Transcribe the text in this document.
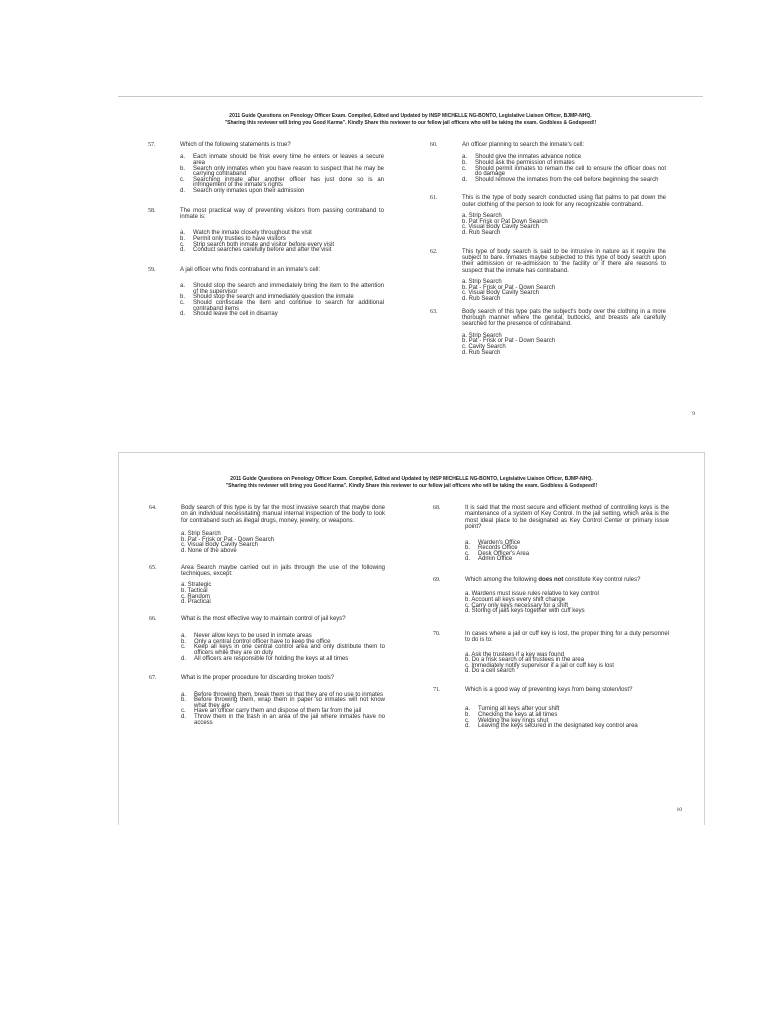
2011 Guide Questions on Penology Officer Exam. Compiled, Edited and Updated by INSP MICHELLE NG-BONTO, Legislative Liaison Officer, BJMP-NHQ.
"Sharing this reviewer will bring you Good Karma". Kindly Share this reviewer to our fellow jail officers who will be taking the exam. Godbless & Godspeed!!
57.	Which of the following statements is true?
a. Each inmate should be frisk every time he enters or leaves a secure area
b. Search only inmates when you have reason to suspect that he may be carrying contraband
c. Searching inmate after another officer has just done so is an infringement of the inmate's rights
d. Search only inmates upon their admission
58.	The most practical way of preventing visitors from passing contraband to inmate is:
a. Watch the inmate closely throughout the visit
b. Permit only trusties to have visitors
c. Strip search both inmate and visitor before every visit
d. Conduct searches carefully before and after the visit
59.	A jail officer who finds contraband in an inmate's cell:
a. Should stop the search and immediately bring the item to the attention of the supervisor
b. Should stop the search and immediately question the inmate
c. Should confiscate the item and continue to search for additional contraband items
d. Should leave the cell in disarray
60.	An officer planning to search the inmate's cell:
a. Should give the inmates advance notice
b. Should ask the permission of inmates
c. Should permit inmates to remain the cell to ensure the officer does not do damage
d. Should remove the inmates from the cell before beginning the search
61.	This is the type of body search conducted using flat palms to pat down the outer clothing of the person to look for any recognizable contraband.
a. Strip Search
b. Pat Frisk or Pat Down Search
c. Visual Body Cavity Search
d. Rub Search
62.	This type of body search is said to be intrusive in nature as it require the subject to bare. inmates maybe subjected to this type of body search upon their admission or re-admission to the facility or if there are reasons to suspect that the inmate has contraband.
a. Strip Search
b. Pat - Frisk or Pat - Down Search
c. Visual Body Cavity Search
d. Rub Search
63.	Body search of this type pats the subject's body over the clothing in a more thorough manner where the genital, buttocks, and breasts are carefully searched for the presence of contraband.
a. Strip Search
b. Pat - Frisk or Pat - Down Search
c. Cavity Search
d. Rub Search
9
2011 Guide Questions on Penology Officer Exam. Compiled, Edited and Updated by INSP MICHELLE NG-BONTO, Legislative Liaison Officer, BJMP-NHQ.
"Sharing this reviewer will bring you Good Karma". Kindly Share this reviewer to our fellow jail officers who will be taking the exam. Godbless & Godspeed!!
64.	Body search of this type is by far the most invasive search that maybe done on an individual necessitating manual internal inspection of the body to look for contraband such as illegal drugs, money, jewelry, or weapons.
a. Strip Search
b. Pat - Frisk or Pat - Down Search
c. Visual Body Cavity Search
d. None of the above
65.	Area Search maybe carried out in jails through the use of the following techniques, except:
a. Strategic
b. Tactical
c. Random
d. Practical
66.	What is the most effective way to maintain control of jail keys?
a. Never allow keys to be used in inmate areas
b. Only a central control officer have to keep the office
c. Keep all keys in one central control area and only distribute them to officers while they are on duty
d. All officers are responsible for holding the keys at all times
67.	What is the proper procedure for discarding broken tools?
a. Before throwing them, break them so that they are of no use to inmates
b. Before throwing them, wrap them in paper so inmates will not know what they are
c. Have an officer carry them and dispose of them far from the jail
d. Throw them in the trash in an area of the jail where inmates have no access
68.	It is said that the most secure and efficient method of controlling keys is the maintenance of a system of Key Control. In the jail setting, which area is the most ideal place to be designated as Key Control Center or primary issue point?
a. Warden's Office
b. Records Office
c. Desk Officer's Area
d. Admin Office
69.	Which among the following does not constitute Key control rules?
a. Wardens must issue rules relative to key control
b. Account all keys every shift change
c. Carry only keys necessary for a shift
d. Storing of jails keys together with cuff keys
70.	In cases where a jail or cuff key is lost, the proper thing for a duty personnel to do is to:
a. Ask the trustees if a key was found
b. Do a frisk search of all trustees in the area
c. Immediately notify supervisor if a jail or cuff key is lost
d. Do a cell search
71.	Which is a good way of preventing keys from being stolen/lost?
a. Turning all keys after your shift
b. Checking the keys at all times
c. Welding the key rings shut
d. Leaving the keys secured in the designated key control area
10
